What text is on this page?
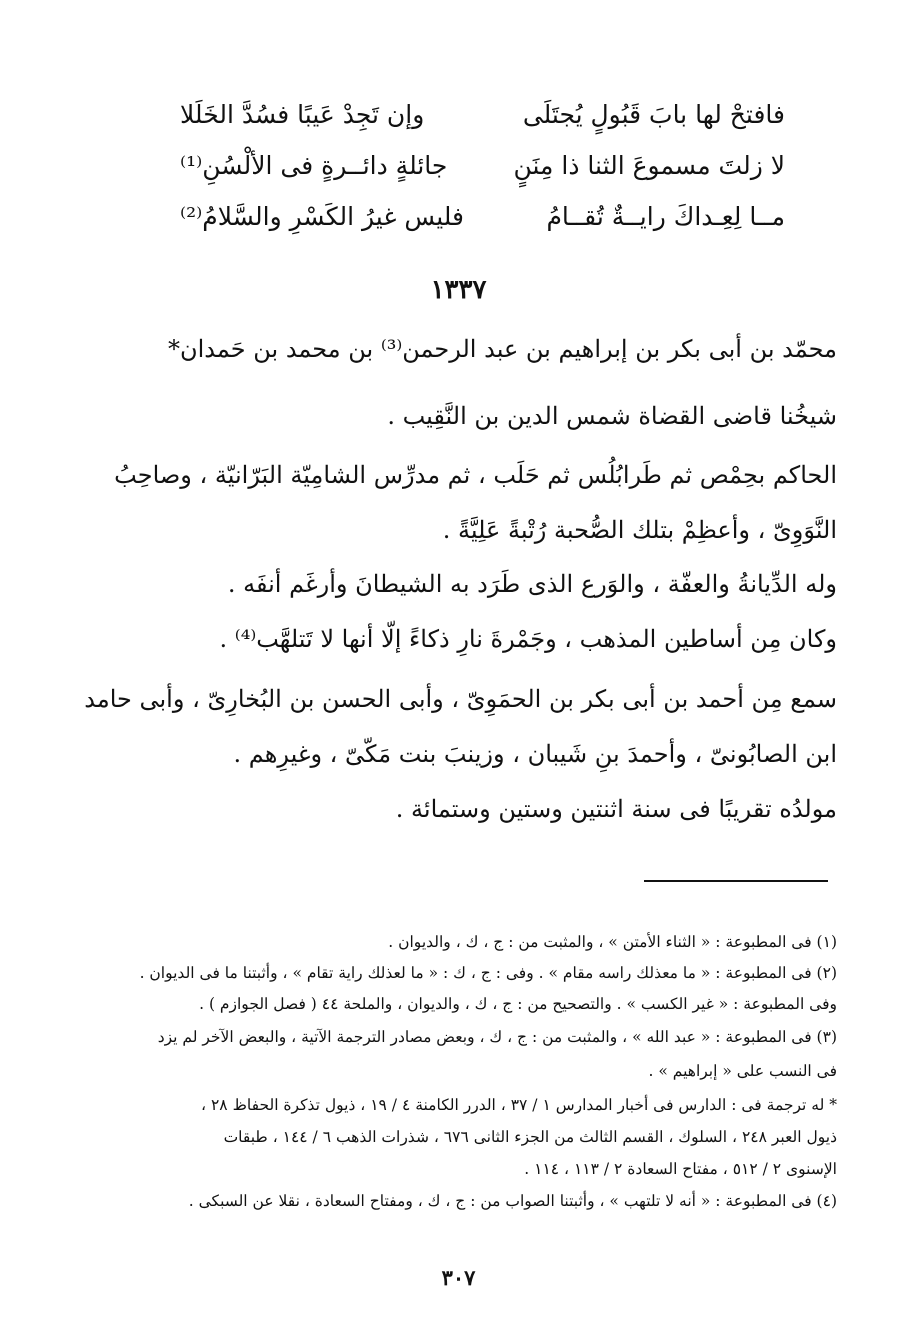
وإن تَجِدْ عَيبًا فسُدَّ الخَلَلا	فافتحْ لها بابَ قَبُولٍ يُجتَلَى
جائلةٍ دائــرةٍ فى الألْسُنِ⁽¹⁾	لا زلتَ مسموعَ الثنا ذا مِنَنٍ
فليس غيرُ الكَسْرِ والسَّلامُ⁽²⁾	مــا لِعِـداكَ رايــةٌ تُقــامُ
١٣٣٧
محمّد بن أبى بكر بن إبراهيم بن عبد الرحمن⁽³⁾ بن محمد بن حَمدان*
شيخُنا قاضى القضاة شمس الدين بن النَّقِيب .
الحاكم بحِمْص ثم طَرابُلُس ثم حَلَب ، ثم مدرِّس الشامِيّة البَرّانيّة ، وصاحِبُ
النَّوَوِىّ ، وأعظِمْ بتلك الصُّحبة رُتْبةً عَلِيَّةً .
وله الدِّيانةُ والعفّة ، والوَرع الذى طَرَد به الشيطانَ وأرغَم أنفَه .
وكان مِن أساطين المذهب ، وجَمْرةَ نارِ ذكاءً إلّا أنها لا تَتلهَّب⁽⁴⁾ .
سمع مِن أحمد بن أبى بكر بن الحمَوِىّ ، وأبى الحسن بن البُخارِىّ ، وأبى حامد
ابن الصابُونىّ ، وأحمدَ بنِ شَيبان ، وزينبَ بنت مَكّىّ ، وغيرِهم .
مولدُه تقريبًا فى سنة اثنتين وستين وستمائة .
(١) فى المطبوعة : « الثناء الأمتن » ، والمثبت من : ج ، ك ، والديوان .
(٢) فى المطبوعة : « ما معذلك راسه مقام » . وفى : ج ، ك : « ما لعذلك راية تقام » ، وأثبتنا ما فى الديوان .
وفى المطبوعة : « غير الكسب » . والتصحيح من : ج ، ك ، والديوان ، والملحة ٤٤ ( فصل الجوازم ) .
(٣) فى المطبوعة : « عبد الله » ، والمثبت من : ج ، ك ، وبعض مصادر الترجمة الآتية ، والبعض الآخر لم يزد
فى النسب على « إبراهيم » .
* له ترجمة فى : الدارس فى أخبار المدارس ١ / ٣٧ ، الدرر الكامنة ٤ / ١٩ ، ذيول تذكرة الحفاظ ٢٨ ،
ذيول العبر ٢٤٨ ، السلوك ، القسم الثالث من الجزء الثانى ٦٧٦ ، شذرات الذهب ٦ / ١٤٤ ، طبقات
الإسنوى ٢ / ٥١٢ ، مفتاح السعادة ٢ / ١١٣ ، ١١٤ .
(٤) فى المطبوعة : « أنه لا تلتهب » ، وأثبتنا الصواب من : ج ، ك ، ومفتاح السعادة ، نقلا عن السبكى .
٣٠٧
